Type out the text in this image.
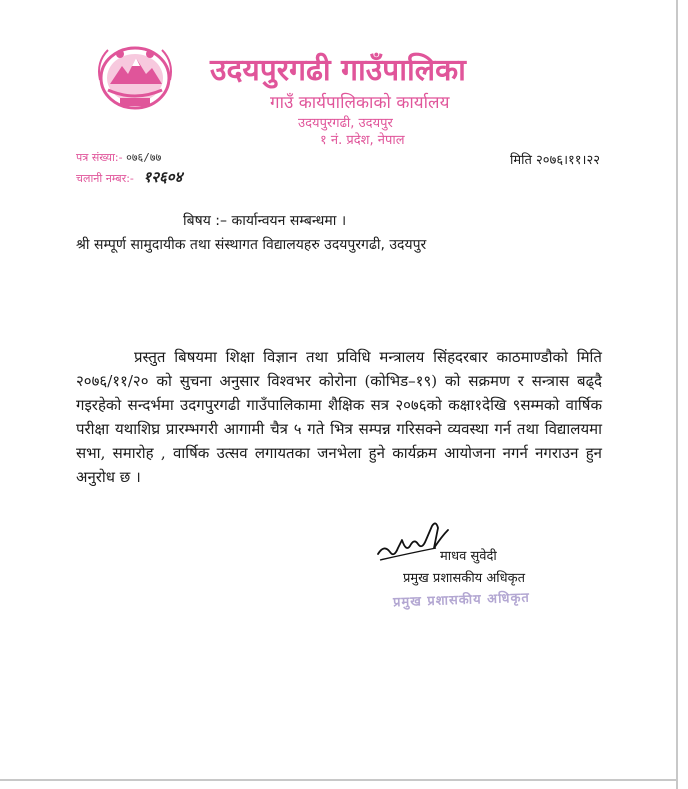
उदयपुरगढी गाउँपालिका
गाउँ कार्यपालिकाको कार्यालय
उदयपुरगढी, उदयपुर
१ नं. प्रदेश, नेपाल
पत्र संख्या:- ०७६/७७
चलानी नम्बर:- १२६०४
मिति २०७६।११।२२
बिषय :– कार्यान्वयन सम्बन्धमा ।
श्री सम्पूर्ण सामुदायीक तथा संस्थागत विद्यालयहरु उदयपुरगढी, उदयपुर
प्रस्तुत बिषयमा शिक्षा विज्ञान तथा प्रविधि मन्त्रालय सिंहदरबार काठमाण्डौको मिति २०७६/११/२० को सुचना अनुसार विश्वभर कोरोना (कोभिड–१९) को सक्रमण र सन्त्रास बढ्दै गइरहेको सन्दर्भमा उदगपुरगढी गाउँपालिकामा शैक्षिक सत्र २०७६को कक्षा१देखि ९सम्मको वार्षिक परीक्षा यथाशिघ्र प्रारम्भगरी आगामी चैत्र ५ गते भित्र सम्पन्न गरिसक्ने व्यवस्था गर्न तथा विद्यालयमा सभा, समारोह , वार्षिक उत्सव लगायतका जनभेला हुने कार्यक्रम आयोजना नगर्न नगराउन हुन अनुरोध छ ।
माधव सुवेदी
प्रमुख प्रशासकीय अधिकृत
प्रमुख प्रशासकीय अधिकृत
